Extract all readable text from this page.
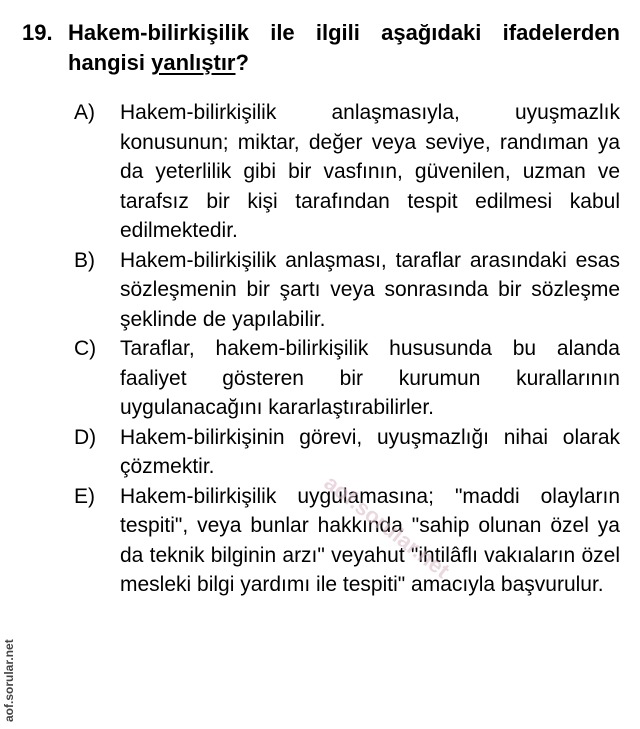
19. Hakem-bilirkişilik ile ilgili aşağıdaki ifadelerden hangisi yanlıştır?
A)	Hakem-bilirkişilik anlaşmasıyla, uyuşmazlık konusunun; miktar, değer veya seviye, randıman ya da yeterlilik gibi bir vasfının, güvenilen, uzman ve tarafsız bir kişi tarafından tespit edilmesi kabul edilmektedir.
B)	Hakem-bilirkişilik anlaşması, taraflar arasındaki esas sözleşmenin bir şartı veya sonrasında bir sözleşme şeklinde de yapılabilir.
C)	Taraflar, hakem-bilirkişilik hususunda bu alanda faaliyet gösteren bir kurumun kurallarının uygulanacağını kararlaştırabilirler.
D)	Hakem-bilirkişinin görevi, uyuşmazlığı nihai olarak çözmektir.
E)	Hakem-bilirkişilik uygulamasına; "maddi olayların tespiti", veya bunlar hakkında "sahip olunan özel ya da teknik bilginin arzı" veyahut "ihtilâflı vakıaların özel mesleki bilgi yardımı ile tespiti" amacıyla başvurulur.
aof.sorular.net
aof.sorular.net
